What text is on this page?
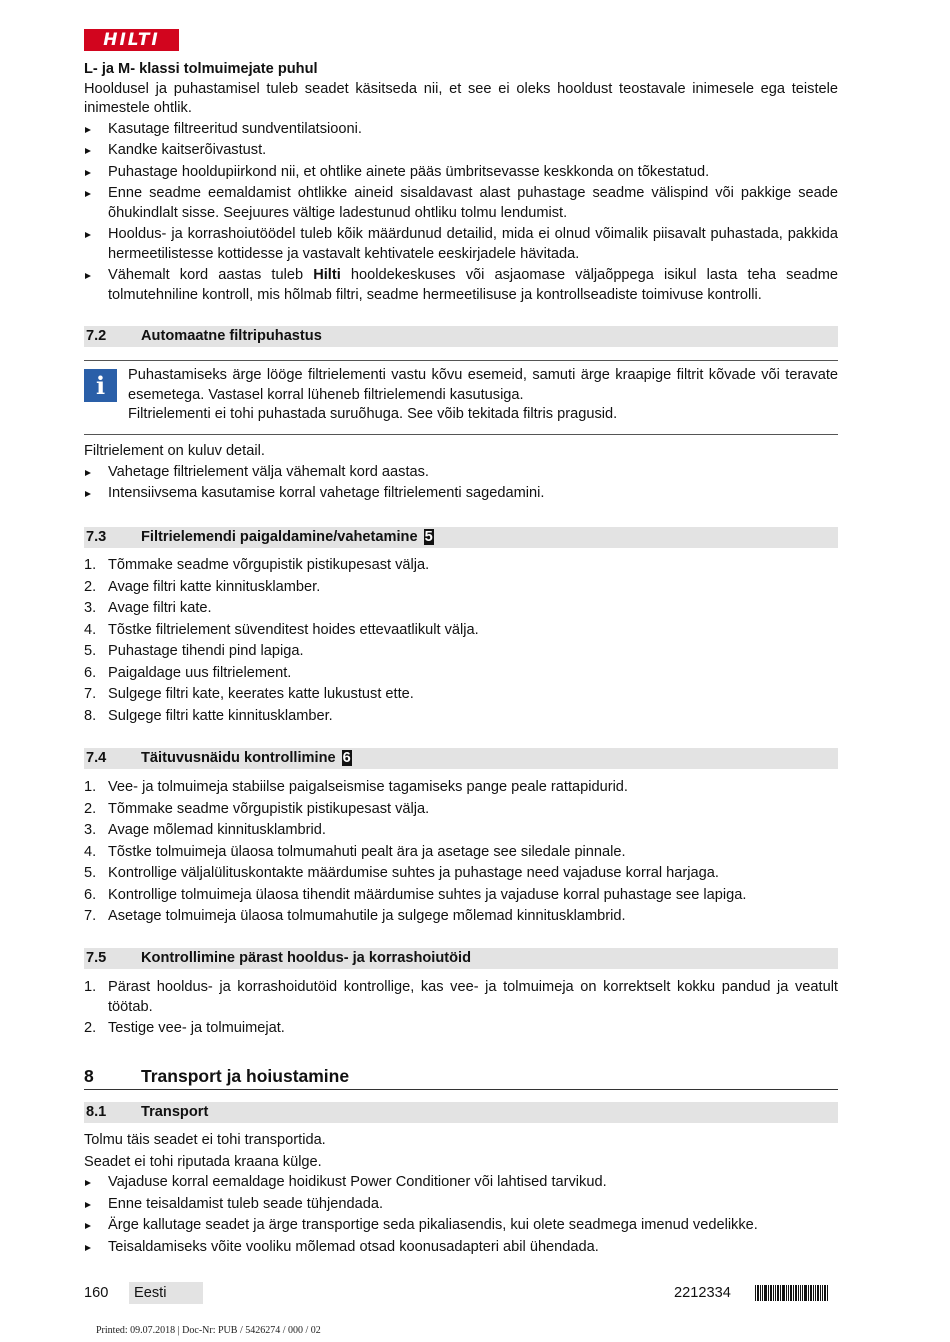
HILTI
L- ja M- klassi tolmuimejate puhul
Hooldusel ja puhastamisel tuleb seadet käsitseda nii, et see ei oleks hooldust teostavale inimesele ega teistele inimestele ohtlik.
Kasutage filtreeritud sundventilatsiooni.
Kandke kaitserõivastust.
Puhastage hooldupiirkond nii, et ohtlike ainete pääs ümbritsevasse keskkonda on tõkestatud.
Enne seadme eemaldamist ohtlikke aineid sisaldavast alast puhastage seadme välispind või pakkige seade õhukindlalt sisse. Seejuures vältige ladestunud ohtliku tolmu lendumist.
Hooldus- ja korrashoiutöödel tuleb kõik määrdunud detailid, mida ei olnud võimalik piisavalt puhastada, pakkida hermeetilistesse kottidesse ja vastavalt kehtivatele eeskirjadele hävitada.
Vähemalt kord aastas tuleb Hilti hooldekeskuses või asjaomase väljaõppega isikul lasta teha seadme tolmutehniline kontroll, mis hõlmab filtri, seadme hermeetilisuse ja kontrollseadiste toimivuse kontrolli.
7.2 Automaatne filtripuhastus
i Puhastamiseks ärge lööge filtrielementi vastu kõvu esemeid, samuti ärge kraapige filtrit kõvade või teravate esemetega. Vastasel korral lüheneb filtrielemendi kasutusiga.
Filtrielementi ei tohi puhastada suruõhuga. See võib tekitada filtris pragusid.
Filtrielement on kuluv detail.
Vahetage filtrielement välja vähemalt kord aastas.
Intensiivsema kasutamise korral vahetage filtrielementi sagedamini.
7.3 Filtrielemendi paigaldamine/vahetamine 5
1. Tõmmake seadme võrgupistik pistikupesast välja.
2. Avage filtri katte kinnitusklamber.
3. Avage filtri kate.
4. Tõstke filtrielement süvenditest hoides ettevaatlikult välja.
5. Puhastage tihendi pind lapiga.
6. Paigaldage uus filtrielement.
7. Sulgege filtri kate, keerates katte lukustust ette.
8. Sulgege filtri katte kinnitusklamber.
7.4 Täituvusnäidu kontrollimine 6
1. Vee- ja tolmuimeja stabiilse paigalseismise tagamiseks pange peale rattapidurid.
2. Tõmmake seadme võrgupistik pistikupesast välja.
3. Avage mõlemad kinnitusklambrid.
4. Tõstke tolmuimeja ülaosa tolmumahuti pealt ära ja asetage see siledale pinnale.
5. Kontrollige väljalülituskontakte määrdumise suhtes ja puhastage need vajaduse korral harjaga.
6. Kontrollige tolmuimeja ülaosa tihendit määrdumise suhtes ja vajaduse korral puhastage see lapiga.
7. Asetage tolmuimeja ülaosa tolmumahutile ja sulgege mõlemad kinnitusklambrid.
7.5 Kontrollimine pärast hooldus- ja korrashoiutöid
1. Pärast hooldus- ja korrashoidutöid kontrollige, kas vee- ja tolmuimeja on korrektselt kokku pandud ja veatult töötab.
2. Testige vee- ja tolmuimejat.
8	Transport ja hoiustamine
8.1 Transport
Tolmu täis seadet ei tohi transportida.
Seadet ei tohi riputada kraana külge.
Vajaduse korral eemaldage hoidikust Power Conditioner või lahtised tarvikud.
Enne teisaldamist tuleb seade tühjendada.
Ärge kallutage seadet ja ärge transportige seda pikaliasendis, kui olete seadmega imenud vedelikke.
Teisaldamiseks võite vooliku mõlemad otsad koonusadapteri abil ühendada.
160	Eesti	2212334
Printed: 09.07.2018 | Doc-Nr: PUB / 5426274 / 000 / 02
